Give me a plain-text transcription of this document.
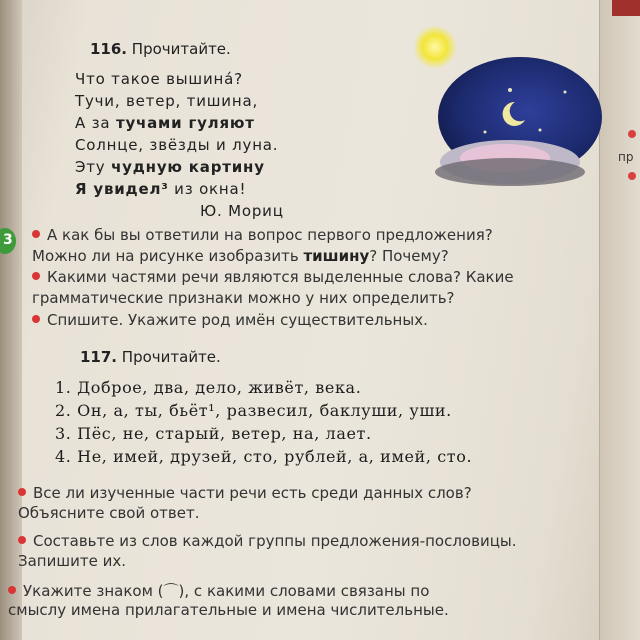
пр
116. Прочитайте.
Что такое вышина́?
Тучи, ветер, тишина,
А за тучами гуляют
Солнце, звёзды и луна.
Эту чудную картину
Я увидел³ из окна!
Ю. Мориц
3	А как бы вы ответили на вопрос первого предложения?
Можно ли на рисунке изобразить тишину? Почему?
Какими частями речи являются выделенные слова? Какие
грамматические признаки можно у них определить?
Спишите. Укажите род имён существительных.
117. Прочитайте.
1. Доброе, два, дело, живёт, века.
2. Он, а, ты, бьёт¹, развесил, баклуши, уши.
3. Пёс, не, старый, ветер, на, лает.
4. Не, имей, друзей, сто, рублей, а, имей, сто.
Все ли изученные части речи есть среди данных слов?
Объясните свой ответ.
Составьте из слов каждой группы предложения-пословицы.
Запишите их.
Укажите знаком (⌒), с какими словами связаны по
смыслу имена прилагательные и имена числительные.
